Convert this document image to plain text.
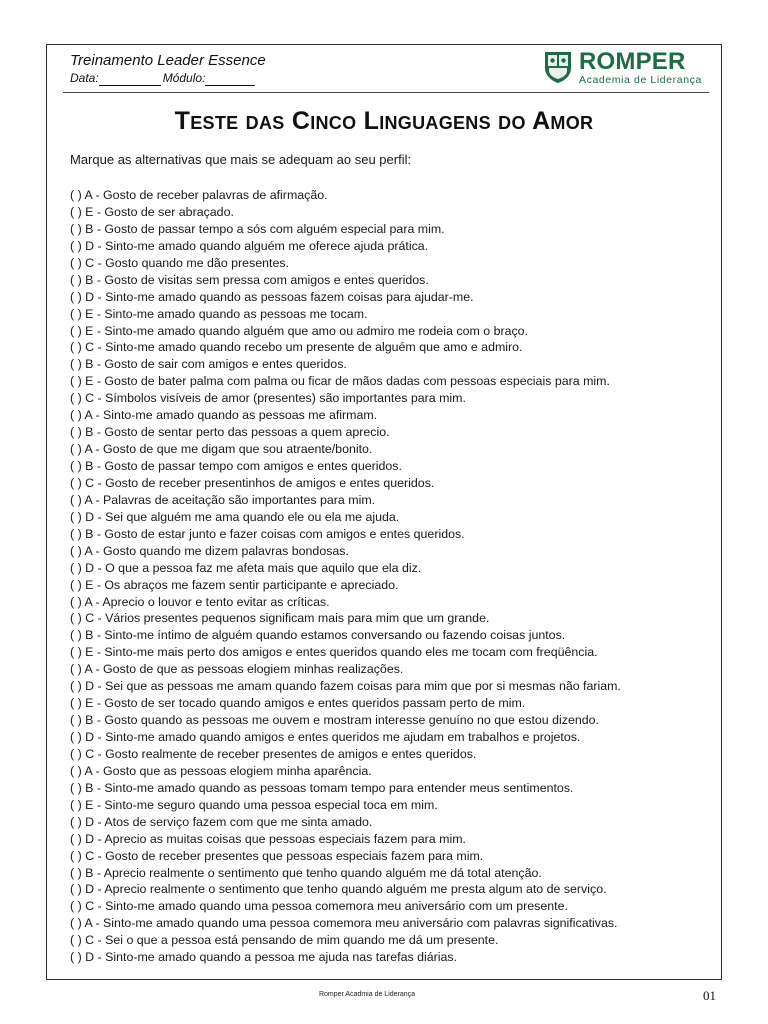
Treinamento Leader Essence

Data:	Módulo:

ROMPER
Academia de Liderança
Teste das Cinco Linguagens do Amor

Marque as alternativas que mais se adequam ao seu perfil:

( ) A - Gosto de receber palavras de afirmação.
( ) E - Gosto de ser abraçado.
( ) B - Gosto de passar tempo a sós com alguém especial para mim.
( ) D - Sinto-me amado quando alguém me oferece ajuda prática.
( ) C - Gosto quando me dão presentes.
( ) B - Gosto de visitas sem pressa com amigos e entes queridos.
( ) D - Sinto-me amado quando as pessoas fazem coisas para ajudar-me.
( ) E - Sinto-me amado quando as pessoas me tocam.
( ) E - Sinto-me amado quando alguém que amo ou admiro me rodeia com o braço.
( ) C - Sinto-me amado quando recebo um presente de alguém que amo e admiro.
( ) B - Gosto de sair com amigos e entes queridos.
( ) E - Gosto de bater palma com palma ou ficar de mãos dadas com pessoas especiais para mim.
( ) C - Símbolos visíveis de amor (presentes) são importantes para mim.
( ) A - Sinto-me amado quando as pessoas me afirmam.
( ) B - Gosto de sentar perto das pessoas a quem aprecio.
( ) A - Gosto de que me digam que sou atraente/bonito.
( ) B - Gosto de passar tempo com amigos e entes queridos.
( ) C - Gosto de receber presentinhos de amigos e entes queridos.
( ) A - Palavras de aceitação são importantes para mim.
( ) D - Sei que alguém me ama quando ele ou ela me ajuda.
( ) B - Gosto de estar junto e fazer coisas com amigos e entes queridos.
( ) A - Gosto quando me dizem palavras bondosas.
( ) D - O que a pessoa faz me afeta mais que aquilo que ela diz.
( ) E - Os abraços me fazem sentir participante e apreciado.
( ) A - Aprecio o louvor e tento evitar as críticas.
( ) C - Vários presentes pequenos significam mais para mim que um grande.
( ) B - Sinto-me íntimo de alguém quando estamos conversando ou fazendo coisas juntos.
( ) E - Sinto-me mais perto dos amigos e entes queridos quando eles me tocam com freqüência.
( ) A - Gosto de que as pessoas elogiem minhas realizações.
( ) D - Sei que as pessoas me amam quando fazem coisas para mim que por si mesmas não fariam.
( ) E - Gosto de ser tocado quando amigos e entes queridos passam perto de mim.
( ) B - Gosto quando as pessoas me ouvem e mostram interesse genuíno no que estou dizendo.
( ) D - Sinto-me amado quando amigos e entes queridos me ajudam em trabalhos e projetos.
( ) C - Gosto realmente de receber presentes de amigos e entes queridos.
( ) A - Gosto que as pessoas elogiem minha aparência.
( ) B - Sinto-me amado quando as pessoas tomam tempo para entender meus sentimentos.
( ) E - Sinto-me seguro quando uma pessoa especial toca em mim.
( ) D - Atos de serviço fazem com que me sinta amado.
( ) D - Aprecio as muitas coisas que pessoas especiais fazem para mim.
( ) C - Gosto de receber presentes que pessoas especiais fazem para mim.
( ) B - Aprecio realmente o sentimento que tenho quando alguém me dá total atenção.
( ) D - Aprecio realmente o sentimento que tenho quando alguém me presta algum ato de serviço.
( ) C - Sinto-me amado quando uma pessoa comemora meu aniversário com um presente.
( ) A - Sinto-me amado quando uma pessoa comemora meu aniversário com palavras significativas.
( ) C - Sei o que a pessoa está pensando de mim quando me dá um presente.
( ) D - Sinto-me amado quando a pessoa me ajuda nas tarefas diárias.
Romper Acadmia de Liderança	01
